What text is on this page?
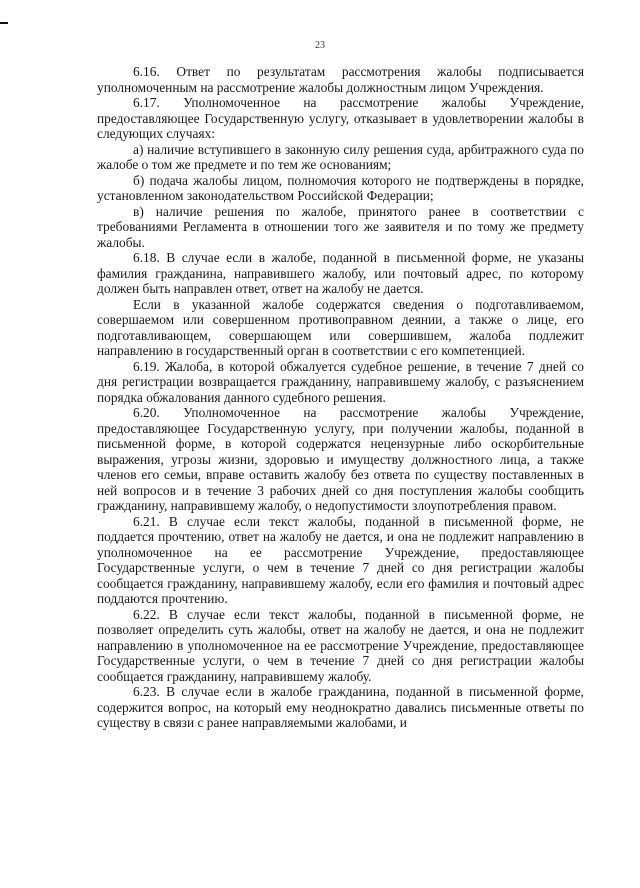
23

6.16. Ответ по результатам рассмотрения жалобы подписывается уполномоченным на рассмотрение жалобы должностным лицом Учреждения.

6.17. Уполномоченное на рассмотрение жалобы Учреждение, предоставляющее Государственную услугу, отказывает в удовлетворении жалобы в следующих случаях:

а) наличие вступившего в законную силу решения суда, арбитражного суда по жалобе о том же предмете и по тем же основаниям;

б) подача жалобы лицом, полномочия которого не подтверждены в порядке, установленном законодательством Российской Федерации;

в) наличие решения по жалобе, принятого ранее в соответствии с требованиями Регламента в отношении того же заявителя и по тому же предмету жалобы.

6.18. В случае если в жалобе, поданной в письменной форме, не указаны фамилия гражданина, направившего жалобу, или почтовый адрес, по которому должен быть направлен ответ, ответ на жалобу не дается.

Если в указанной жалобе содержатся сведения о подготавливаемом, совершаемом или совершенном противоправном деянии, а также о лице, его подготавливающем, совершающем или совершившем, жалоба подлежит направлению в государственный орган в соответствии с его компетенцией.

6.19. Жалоба, в которой обжалуется судебное решение, в течение 7 дней со дня регистрации возвращается гражданину, направившему жалобу, с разъяснением порядка обжалования данного судебного решения.

6.20. Уполномоченное на рассмотрение жалобы Учреждение, предоставляющее Государственную услугу, при получении жалобы, поданной в письменной форме, в которой содержатся нецензурные либо оскорбительные выражения, угрозы жизни, здоровью и имуществу должностного лица, а также членов его семьи, вправе оставить жалобу без ответа по существу поставленных в ней вопросов и в течение 3 рабочих дней со дня поступления жалобы сообщить гражданину, направившему жалобу, о недопустимости злоупотребления правом.

6.21. В случае если текст жалобы, поданной в письменной форме, не поддается прочтению, ответ на жалобу не дается, и она не подлежит направлению в уполномоченное на ее рассмотрение Учреждение, предоставляющее Государственные услуги, о чем в течение 7 дней со дня регистрации жалобы сообщается гражданину, направившему жалобу, если его фамилия и почтовый адрес поддаются прочтению.

6.22. В случае если текст жалобы, поданной в письменной форме, не позволяет определить суть жалобы, ответ на жалобу не дается, и она не подлежит направлению в уполномоченное на ее рассмотрение Учреждение, предоставляющее Государственные услуги, о чем в течение 7 дней со дня регистрации жалобы сообщается гражданину, направившему жалобу.

6.23. В случае если в жалобе гражданина, поданной в письменной форме, содержится вопрос, на который ему неоднократно давались письменные ответы по существу в связи с ранее направляемыми жалобами, и
